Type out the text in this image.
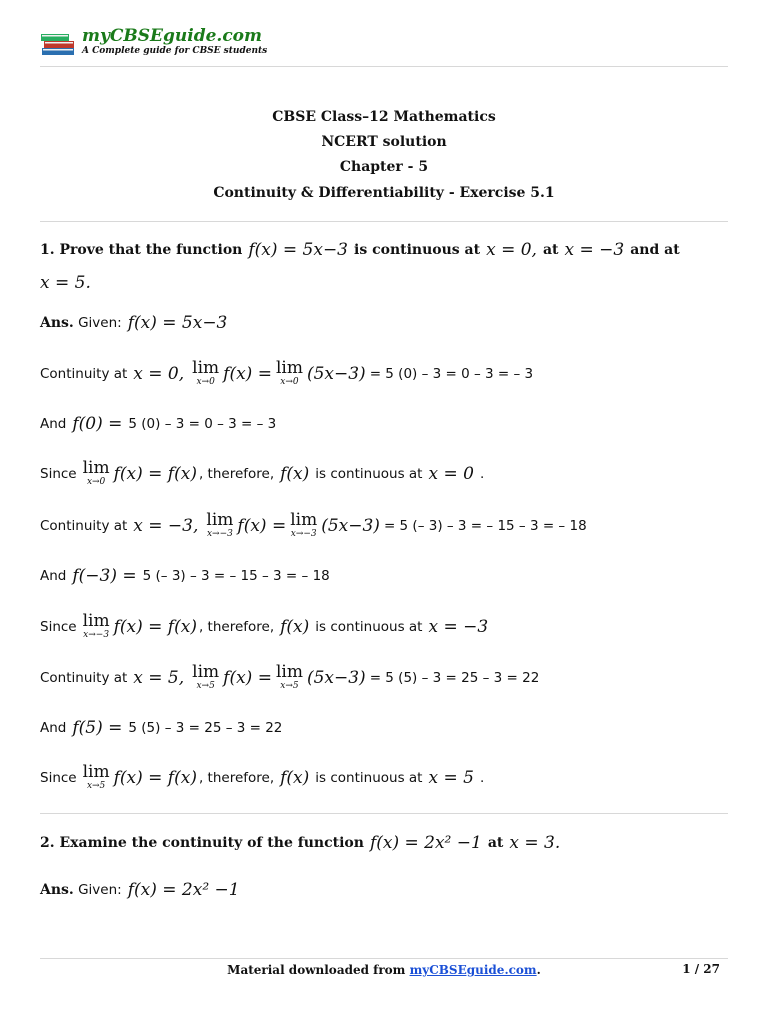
myCBSEguide.com
A Complete guide for CBSE students
CBSE Class–12 Mathematics
NCERT solution
Chapter - 5
Continuity & Differentiability - Exercise 5.1
1. Prove that the function f(x) = 5x−3 is continuous at x = 0, at x = −3 and at
x = 5.
Ans.
Given: f(x) = 5x−3
Continuity at x = 0, lim
x→0 f(x) = lim
x→0 (5x−3) = 5 (0) – 3 = 0 – 3 = – 3
And f(0) = 5 (0) – 3 = 0 – 3 = – 3
Since lim
x→0 f(x) = f(x) , therefore, f(x) is continuous at x = 0 .
Continuity at x = −3, lim
x→−3 f(x) = lim
x→−3 (5x−3) = 5 (– 3) – 3 = – 15 – 3 = – 18
And f(−3) = 5 (– 3) – 3 = – 15 – 3 = – 18
Since lim
x→−3 f(x) = f(x) , therefore, f(x) is continuous at x = −3
Continuity at x = 5, lim
x→5 f(x) = lim
x→5 (5x−3) = 5 (5) – 3 = 25 – 3 = 22
And f(5) = 5 (5) – 3 = 25 – 3 = 22
Since lim
x→5 f(x) = f(x) , therefore, f(x) is continuous at x = 5 .
2. Examine the continuity of the function f(x) = 2x² −1 at x = 3.
Ans.
Given: f(x) = 2x² −1
Material downloaded from myCBSEguide.com.	1 / 27
